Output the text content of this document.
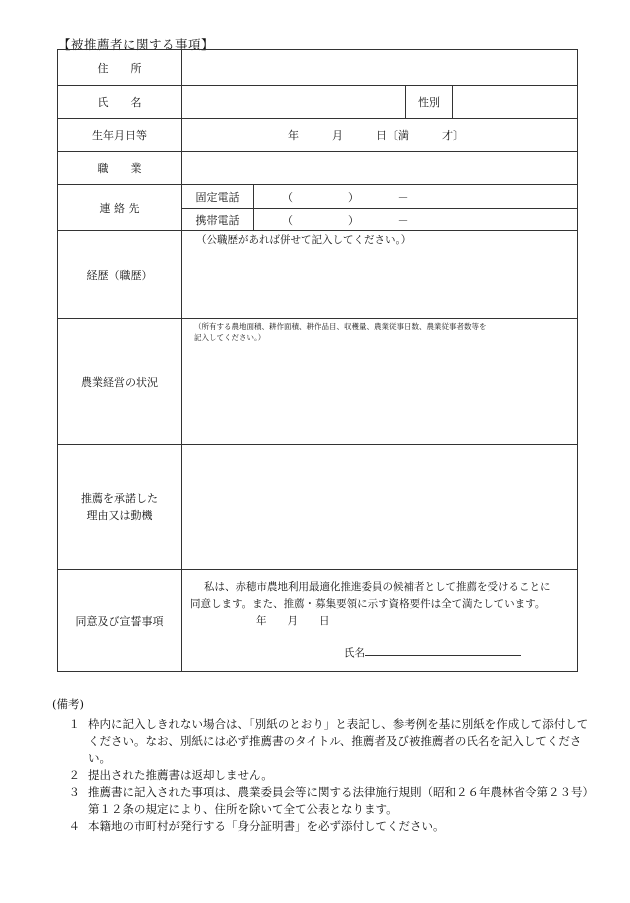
【被推薦者に関する事項】
住　　所				
氏　　名			性別	
生年月日等	年　　　月　　　日〔満　　　才〕			
職　　業				
連 絡 先	固定電話	（　　　　　）　　　　－		
	携帯電話	（　　　　　）　　　　－		
経歴（職歴）	（公職歴があれば併せて記入してください。）			

農業経営の状況	（所有する農地面積、耕作面積、耕作品目、収穫量、農業従事日数、農業従事者数等を
記入してください。）			

推薦を承諾した
理由又は動機				

同意及び宣誓事項	私は、赤穂市農地利用最適化推進委員の候補者として推薦を受けることに
同意します。また、推薦・募集要領に示す資格要件は全て満たしています。
年　　月　　日
氏名			
(備考)
１ 枠内に記入しきれない場合は、「別紙のとおり」と表記し、参考例を基に別紙を作成して添付してください。なお、別紙には必ず推薦書のタイトル、推薦者及び被推薦者の氏名を記入してください。
２ 提出された推薦書は返却しません。
３ 推薦書に記入された事項は、農業委員会等に関する法律施行規則（昭和２６年農林省令第２３号）第１２条の規定により、住所を除いて全て公表となります。
４ 本籍地の市町村が発行する「身分証明書」を必ず添付してください。
